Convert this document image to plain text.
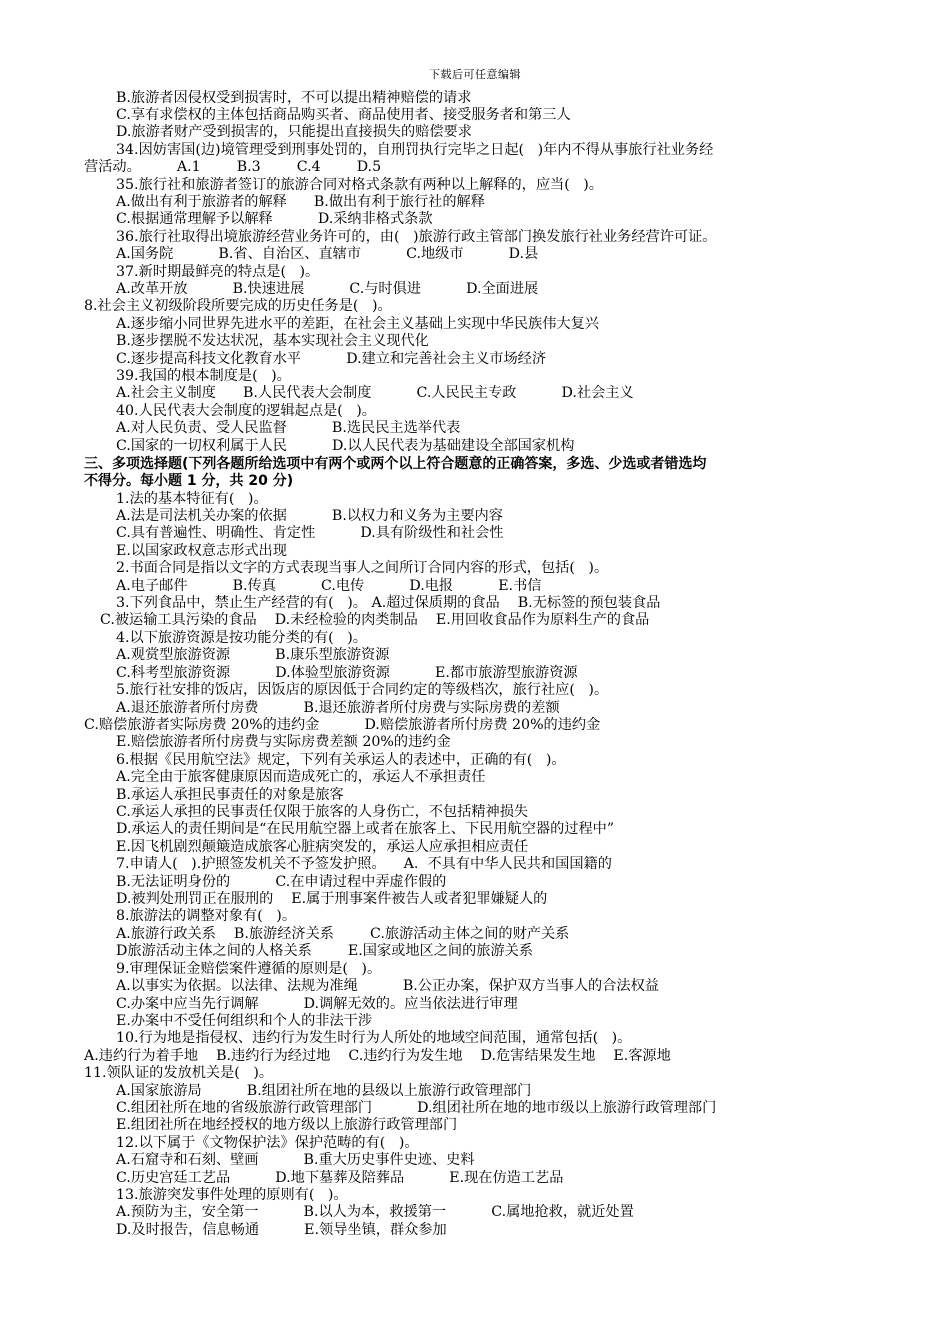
下载后可任意编辑
B.旅游者因侵权受到损害时，不可以提出精神赔偿的请求
C.享有求偿权的主体包括商品购买者、商品使用者、接受服务者和第三人
D.旅游者财产受到损害的，只能提出直接损失的赔偿要求
34.因妨害国(边)境管理受到刑事处罚的，自刑罚执行完毕之日起(   )年内不得从事旅行社业务经
营活动。        A.1        B.3        C.4        D.5
35.旅行社和旅游者签订的旅游合同对格式条款有两种以上解释的，应当(   )。
A.做出有利于旅游者的解释      B.做出有利于旅行社的解释
C.根据通常理解予以解释          D.采纳非格式条款
36.旅行社取得出境旅游经营业务许可的，由(   )旅游行政主管部门换发旅行社业务经营许可证。
A.国务院          B.省、自治区、直辖市          C.地级市          D.县
37.新时期最鲜亮的特点是(   )。
A.改革开放          B.快速进展          C.与时俱进          D.全面进展
8.社会主义初级阶段所要完成的历史任务是(   )。
A.逐步缩小同世界先进水平的差距，在社会主义基础上实现中华民族伟大复兴
B.逐步摆脱不发达状况，基本实现社会主义现代化
C.逐步提高科技文化教育水平          D.建立和完善社会主义市场经济
39.我国的根本制度是(   )。
A.社会主义制度      B.人民代表大会制度          C.人民民主专政          D.社会主义
40.人民代表大会制度的逻辑起点是(   )。
A.对人民负责、受人民监督          B.选民民主选举代表
C.国家的一切权利属于人民          D.以人民代表为基础建设全部国家机构
三、多项选择题(下列各题所给选项中有两个或两个以上符合题意的正确答案，多选、少选或者错选均
不得分。每小题 1 分，共 20 分)
1.法的基本特征有(   )。
A.法是司法机关办案的依据          B.以权力和义务为主要内容
C.具有普遍性、明确性、肯定性          D.具有阶级性和社会性
E.以国家政权意志形式出现
2.书面合同是指以文字的方式表现当事人之间所订合同内容的形式，包括(   )。
A.电子邮件          B.传真          C.电传          D.电报          E.书信
3.下列食品中，禁止生产经营的有(   )。 A.超过保质期的食品    B.无标签的预包装食品
C.被运输工具污染的食品    D.未经检验的肉类制品    E.用回收食品作为原料生产的食品
4.以下旅游资源是按功能分类的有(   )。
A.观赏型旅游资源          B.康乐型旅游资源
C.科考型旅游资源          D.体验型旅游资源          E.都市旅游型旅游资源
5.旅行社安排的饭店，因饭店的原因低于合同约定的等级档次，旅行社应(   )。
A.退还旅游者所付房费          B.退还旅游者所付房费与实际房费的差额
C.赔偿旅游者实际房费 20%的违约金          D.赔偿旅游者所付房费 20%的违约金
E.赔偿旅游者所付房费与实际房费差额 20%的违约金
6.根据《民用航空法》规定，下列有关承运人的表述中，正确的有(   )。
A.完全由于旅客健康原因而造成死亡的，承运人不承担责任
B.承运人承担民事责任的对象是旅客
C.承运人承担的民事责任仅限于旅客的人身伤亡，不包括精神损失
D.承运人的责任期间是“在民用航空器上或者在旅客上、下民用航空器的过程中”
E.因飞机剧烈颠簸造成旅客心脏病突发的，承运人应承担相应责任
7.申请人(   ).护照签发机关不予签发护照。    A.  不具有中华人民共和国国籍的
B.无法证明身份的          C.在申请过程中弄虚作假的
D.被判处刑罚正在服刑的    E.属于刑事案件被告人或者犯罪嫌疑人的
8.旅游法的调整对象有(   )。
A.旅游行政关系    B.旅游经济关系        C.旅游活动主体之间的财产关系
D旅游活动主体之间的人格关系        E.国家或地区之间的旅游关系
9.审理保证金赔偿案件遵循的原则是(   )。
A.以事实为依据。以法律、法规为准绳          B.公正办案，保护双方当事人的合法权益
C.办案中应当先行调解          D.调解无效的。应当依法进行审理
E.办案中不受任何组织和个人的非法干涉
10.行为地是指侵权、违约行为发生时行为人所处的地域空间范围，通常包括(   )。
A.违约行为着手地    B.违约行为经过地    C.违约行为发生地    D.危害结果发生地    E.客源地
11.领队证的发放机关是(   )。
A.国家旅游局          B.组团社所在地的县级以上旅游行政管理部门
C.组团社所在地的省级旅游行政管理部门          D.组团社所在地的地市级以上旅游行政管理部门
E.组团社所在地经授权的地方级以上旅游行政管理部门
12.以下属于《文物保护法》保护范畴的有(   )。
A.石窟寺和石刻、壁画          B.重大历史事件史迹、史料
C.历史宫廷工艺品          D.地下墓葬及陪葬品          E.现在仿造工艺品
13.旅游突发事件处理的原则有(   )。
A.预防为主，安全第一          B.以人为本，救援第一          C.属地抢救，就近处置
D.及时报告，信息畅通          E.领导坐镇，群众参加
